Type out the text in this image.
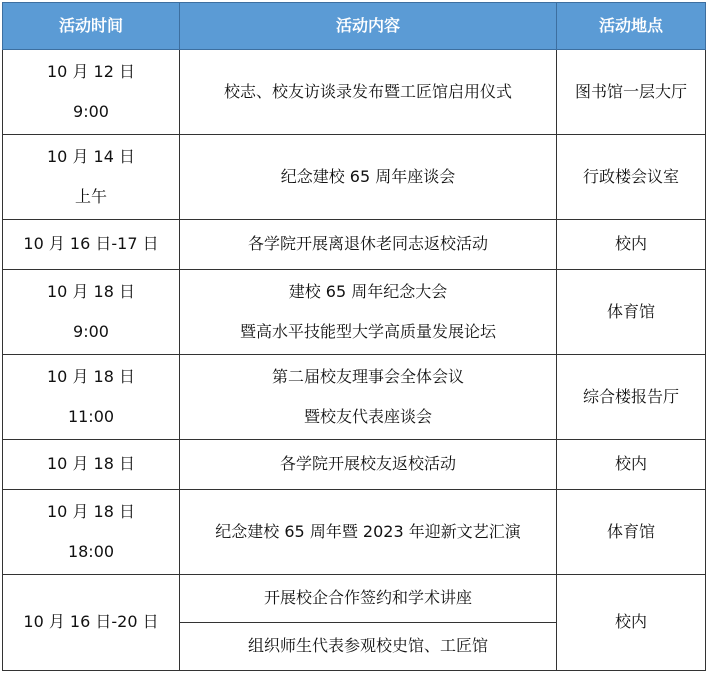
活动时间	活动内容	活动地点

10 月 12 日
9:00	校志、校友访谈录发布暨工匠馆启用仪式	图书馆一层大厅

10 月 14 日
上午	纪念建校 65 周年座谈会	行政楼会议室
10 月 16 日-17 日	各学院开展离退休老同志返校活动	校内

10 月 18 日
9:00	建校 65 周年纪念大会
暨高水平技能型大学高质量发展论坛	体育馆

10 月 18 日
11:00	第二届校友理事会全体会议
暨校友代表座谈会	综合楼报告厅
10 月 18 日	各学院开展校友返校活动	校内

10 月 18 日
18:00	纪念建校 65 周年暨 2023 年迎新文艺汇演	体育馆
10 月 16 日-20 日	开展校企合作签约和学术讲座	校内
	组织师生代表参观校史馆、工匠馆	
